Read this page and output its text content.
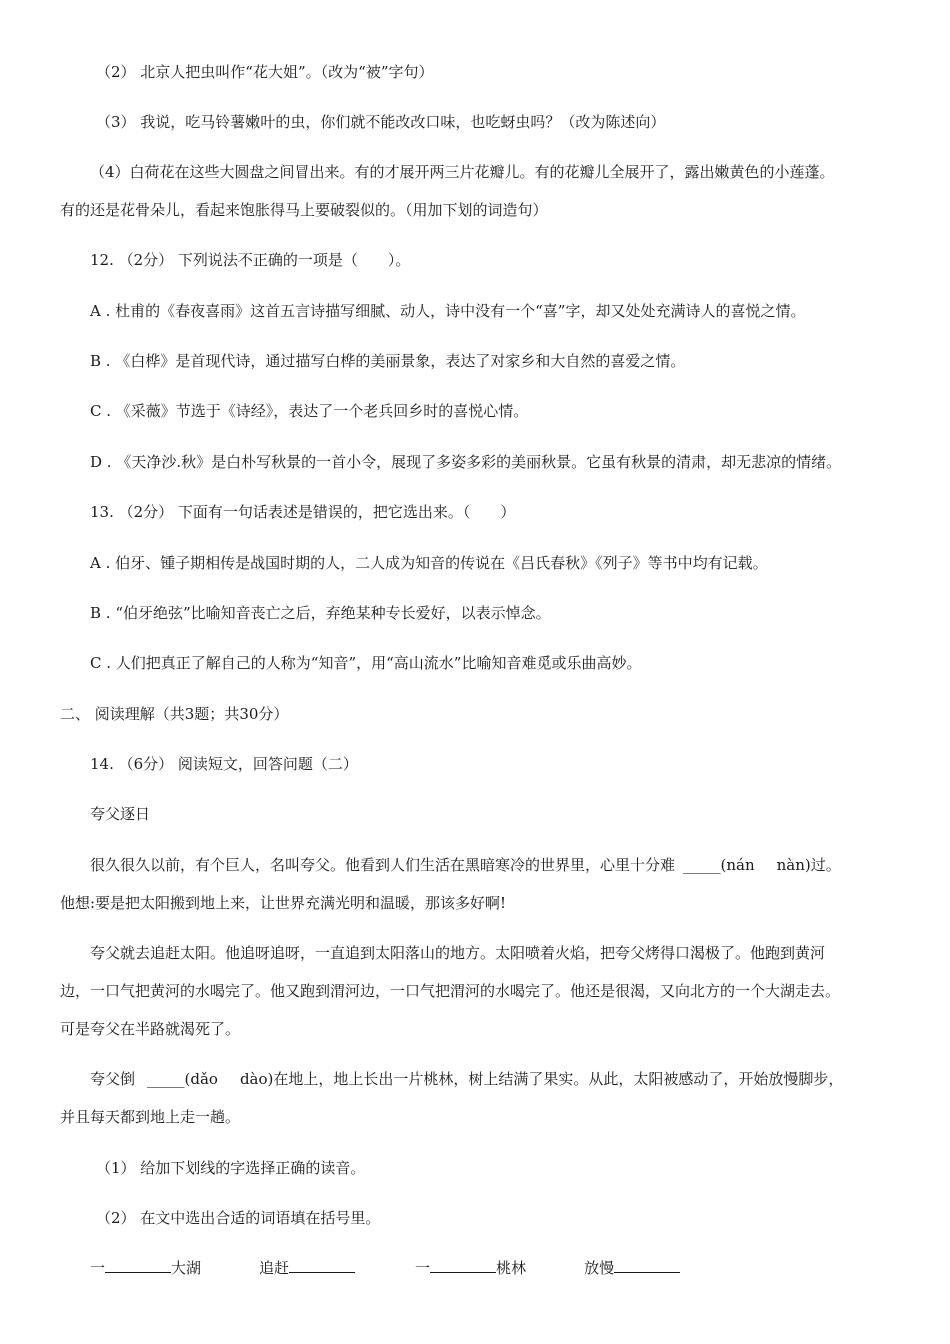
（2） 北京人把虫叫作“花大姐”。（改为“被”字句）
（3） 我说，吃马铃薯嫩叶的虫，你们就不能改改口味，也吃蚜虫吗？（改为陈述向）
（4）白荷花在这些大圆盘之间冒出来。有的才展开两三片花瓣儿。有的花瓣儿全展开了，露出嫩黄色的小莲蓬。
有的还是花骨朵儿，看起来饱胀得马上要破裂似的。（用加下划的词造句）
12. （2分） 下列说法不正确的一项是（　　）。
A . 杜甫的《春夜喜雨》这首五言诗描写细腻、动人，诗中没有一个“喜”字，却又处处充满诗人的喜悦之情。
B . 《白桦》是首现代诗，通过描写白桦的美丽景象，表达了对家乡和大自然的喜爱之情。
C . 《采薇》节选于《诗经》，表达了一个老兵回乡时的喜悦心情。
D . 《天净沙.秋》是白朴写秋景的一首小令，展现了多姿多彩的美丽秋景。它虽有秋景的清肃，却无悲凉的情绪。
13. （2分） 下面有一句话表述是错误的，把它选出来。（　　）
A . 伯牙、锺子期相传是战国时期的人，二人成为知音的传说在《吕氏春秋》《列子》等书中均有记载。
B . “伯牙绝弦”比喻知音丧亡之后，弃绝某种专长爱好，以表示悼念。
C . 人们把真正了解自己的人称为“知音”，用“高山流水”比喻知音难觅或乐曲高妙。
二、 阅读理解（共3题；共30分）
14. （6分） 阅读短文，回答问题（二）
夸父逐日
很久很久以前，有个巨人，名叫夸父。他看到人们生活在黑暗寒冷的世界里，心里十分难 _____(nán nàn)过。
他想:要是把太阳搬到地上来，让世界充满光明和温暖，那该多好啊!
夸父就去追赶太阳。他追呀追呀，一直追到太阳落山的地方。太阳喷着火焰，把夸父烤得口渴极了。他跑到黄河
边，一口气把黄河的水喝完了。他又跑到渭河边，一口气把渭河的水喝完了。他还是很渴，又向北方的一个大湖走去。
可是夸父在半路就渴死了。
夸父倒 _____(dǎo dào)在地上，地上长出一片桃林，树上结满了果实。从此，太阳被感动了，开始放慢脚步，
并且每天都到地上走一趟。
（1） 给加下划线的字选择正确的读音。
（2） 在文中选出合适的词语填在括号里。
一	大湖	追赶	一	桃林	放慢
